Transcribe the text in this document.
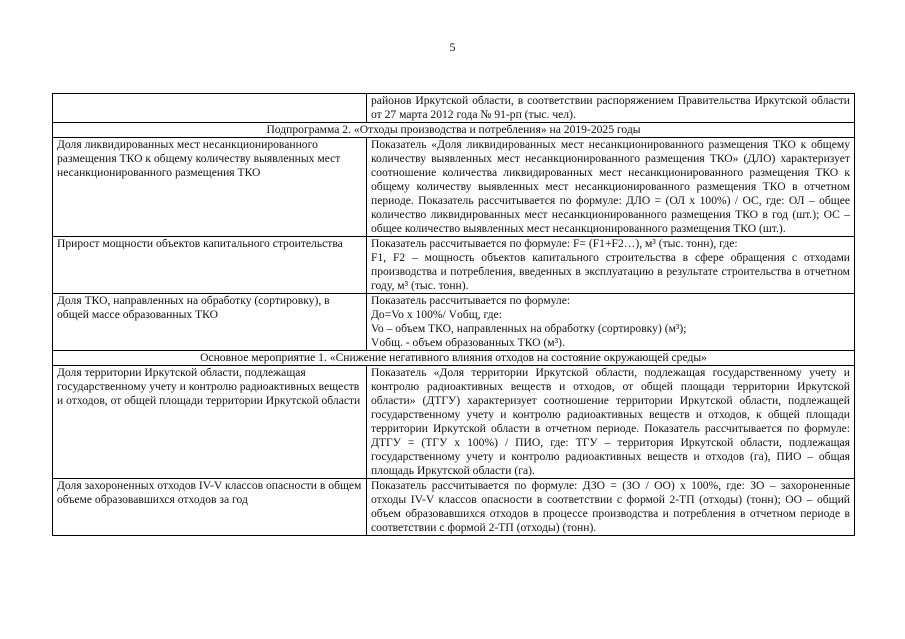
5

	районов Иркутской области, в соответствии распоряжением Правительства Иркутской области от 27 марта 2012 года № 91-рп (тыс. чел).

Подпрограмма 2. «Отходы производства и потребления» на 2019-2025 годы	
Доля ликвидированных мест несанкционированного размещения ТКО к общему количеству выявленных мест несанкционированного размещения ТКО	Показатель «Доля ликвидированных мест несанкционированного размещения ТКО к общему количеству выявленных мест несанкционированного размещения ТКО» (ДЛО) характеризует соотношение количества ликвидированных мест несанкционированного размещения ТКО к общему количеству выявленных мест несанкционированного размещения ТКО в отчетном периоде. Показатель рассчитывается по формуле: ДЛО = (ОЛ х 100%) / ОС, где: ОЛ – общее количество ликвидированных мест несанкционированного размещения ТКО в год (шт.); ОС – общее количество выявленных мест несанкционированного размещения ТКО (шт.).

Прирост мощности объектов капитального строительства	Показатель рассчитывается по формуле: F= (F1+F2…), м³ (тыс. тонн), где:
F1, F2 – мощность объектов капитального строительства в сфере обращения с отходами производства и потребления, введенных в эксплуатацию в результате строительства в отчетном году, м³ (тыс. тонн).

Доля ТКО, направленных на обработку (сортировку), в общей массе образованных ТКО	Показатель рассчитывается по формуле:
До=Vo х 100%/ Vобщ, где:
Vo – объем ТКО, направленных на обработку (сортировку) (м³);
Vобщ. - объем образованных ТКО (м³).

Основное мероприятие 1. «Снижение негативного влияния отходов на состояние окружающей среды»	
Доля территории Иркутской области, подлежащая государственному учету и контролю радиоактивных веществ и отходов, от общей площади территории Иркутской области	Показатель «Доля территории Иркутской области, подлежащая государственному учету и контролю радиоактивных веществ и отходов, от общей площади территории Иркутской области» (ДТГУ) характеризует соотношение территории Иркутской области, подлежащей государственному учету и контролю радиоактивных веществ и отходов, к общей площади территории Иркутской области в отчетном периоде. Показатель рассчитывается по формуле: ДТГУ = (ТГУ х 100%) / ПИО, где: ТГУ – территория Иркутской области, подлежащая государственному учету и контролю радиоактивных веществ и отходов (га), ПИО – общая площадь Иркутской области (га).

Доля захороненных отходов IV-V классов опасности в общем объеме образовавшихся отходов за год	Показатель рассчитывается по формуле: ДЗО = (ЗО / ОО) х 100%, где: ЗО – захороненные отходы IV-V классов опасности в соответствии с формой 2-ТП (отходы) (тонн); ОО – общий объем образовавшихся отходов в процессе производства и потребления в отчетном периоде в соответствии с формой 2-ТП (отходы) (тонн).
